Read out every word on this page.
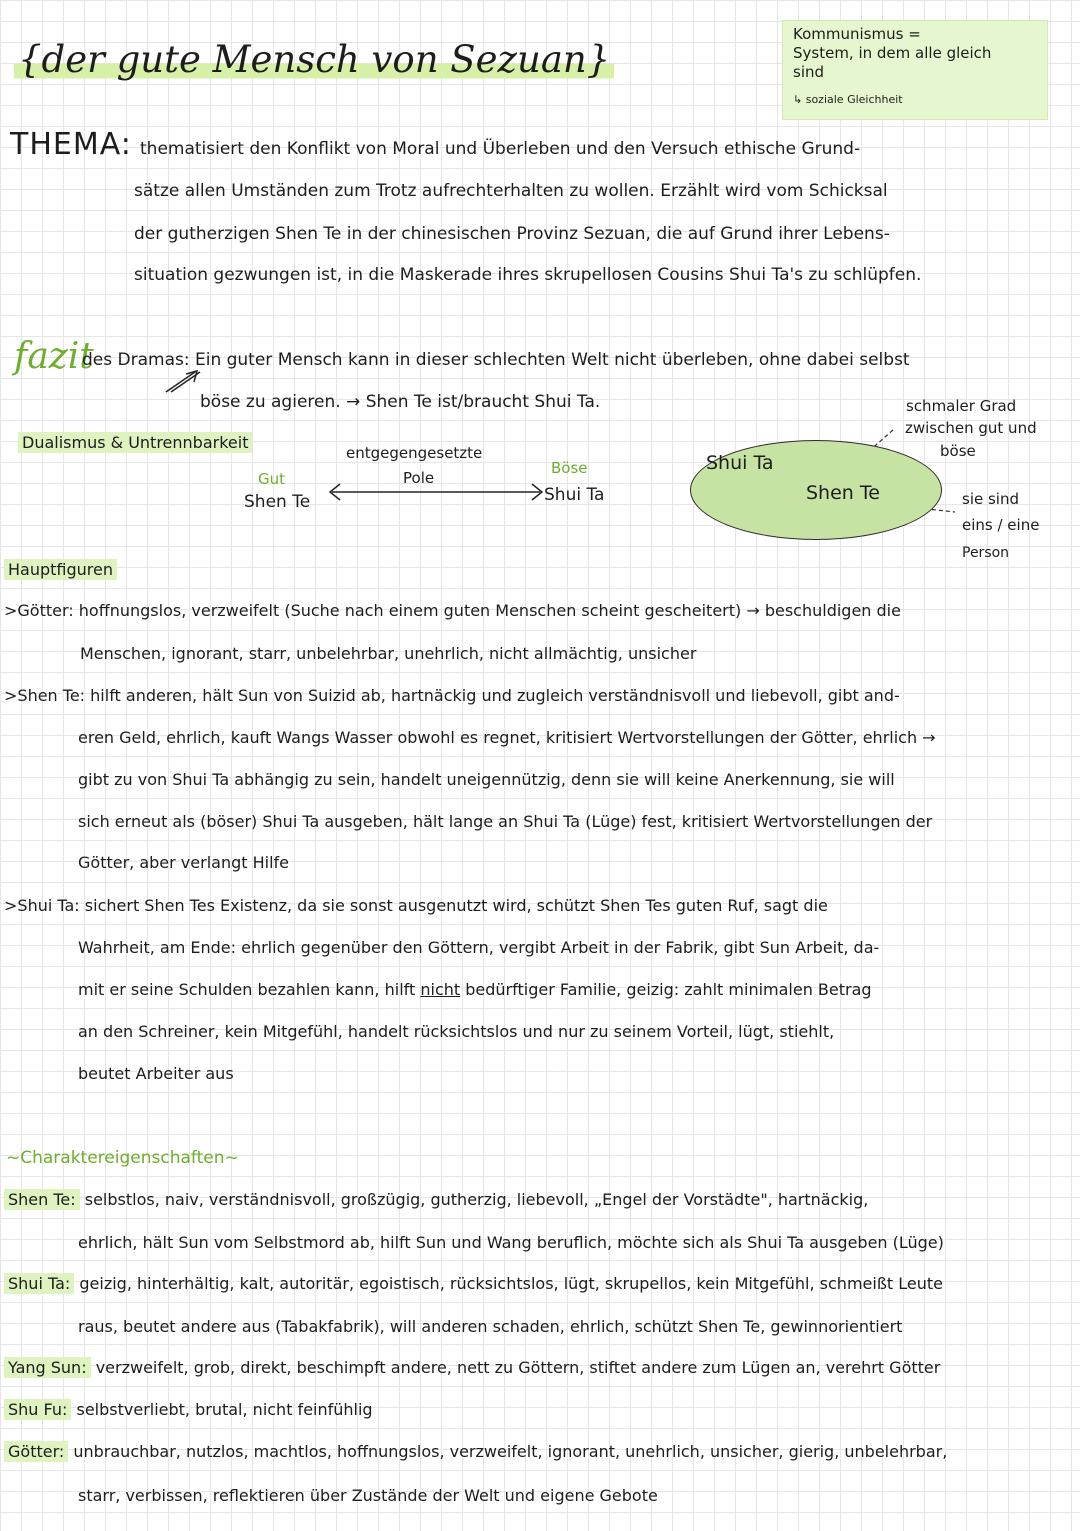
{der gute Mensch von Sezuan}
Kommunismus =
System, in dem alle gleich
sind
↳ soziale Gleichheit
THEMA: thematisiert den Konflikt von Moral und Überleben und den Versuch ethische Grund-
sätze allen Umständen zum Trotz aufrechterhalten zu wollen. Erzählt wird vom Schicksal
der gutherzigen Shen Te in der chinesischen Provinz Sezuan, die auf Grund ihrer Lebens-
situation gezwungen ist, in die Maskerade ihres skrupellosen Cousins Shui Ta's zu schlüpfen.
fazit
des Dramas: Ein guter Mensch kann in dieser schlechten Welt nicht überleben, ohne dabei selbst
böse zu agieren. → Shen Te ist/braucht Shui Ta.
Dualismus & Untrennbarkeit
entgegengesetzte
Pole
Gut
Shen Te
Böse
Shui Ta
Shui Ta
Shen Te
schmaler Grad
zwischen gut und
böse
sie sind
eins / eine
Person
Hauptfiguren
>Götter: hoffnungslos, verzweifelt (Suche nach einem guten Menschen scheint gescheitert) → beschuldigen die
Menschen, ignorant, starr, unbelehrbar, unehrlich, nicht allmächtig, unsicher
>Shen Te: hilft anderen, hält Sun von Suizid ab, hartnäckig und zugleich verständnisvoll und liebevoll, gibt and-
eren Geld, ehrlich, kauft Wangs Wasser obwohl es regnet, kritisiert Wertvorstellungen der Götter, ehrlich →
gibt zu von Shui Ta abhängig zu sein, handelt uneigennützig, denn sie will keine Anerkennung, sie will
sich erneut als (böser) Shui Ta ausgeben, hält lange an Shui Ta (Lüge) fest, kritisiert Wertvorstellungen der
Götter, aber verlangt Hilfe
>Shui Ta: sichert Shen Tes Existenz, da sie sonst ausgenutzt wird, schützt Shen Tes guten Ruf, sagt die
Wahrheit, am Ende: ehrlich gegenüber den Göttern, vergibt Arbeit in der Fabrik, gibt Sun Arbeit, da-
mit er seine Schulden bezahlen kann, hilft nicht bedürftiger Familie, geizig: zahlt minimalen Betrag
an den Schreiner, kein Mitgefühl, handelt rücksichtslos und nur zu seinem Vorteil, lügt, stiehlt,
beutet Arbeiter aus
~Charaktereigenschaften~
Shen Te: selbstlos, naiv, verständnisvoll, großzügig, gutherzig, liebevoll, „Engel der Vorstädte", hartnäckig,
ehrlich, hält Sun vom Selbstmord ab, hilft Sun und Wang beruflich, möchte sich als Shui Ta ausgeben (Lüge)
Shui Ta: geizig, hinterhältig, kalt, autoritär, egoistisch, rücksichtslos, lügt, skrupellos, kein Mitgefühl, schmeißt Leute
raus, beutet andere aus (Tabakfabrik), will anderen schaden, ehrlich, schützt Shen Te, gewinnorientiert
Yang Sun: verzweifelt, grob, direkt, beschimpft andere, nett zu Göttern, stiftet andere zum Lügen an, verehrt Götter
Shu Fu: selbstverliebt, brutal, nicht feinfühlig
Götter: unbrauchbar, nutzlos, machtlos, hoffnungslos, verzweifelt, ignorant, unehrlich, unsicher, gierig, unbelehrbar,
starr, verbissen, reflektieren über Zustände der Welt und eigene Gebote
